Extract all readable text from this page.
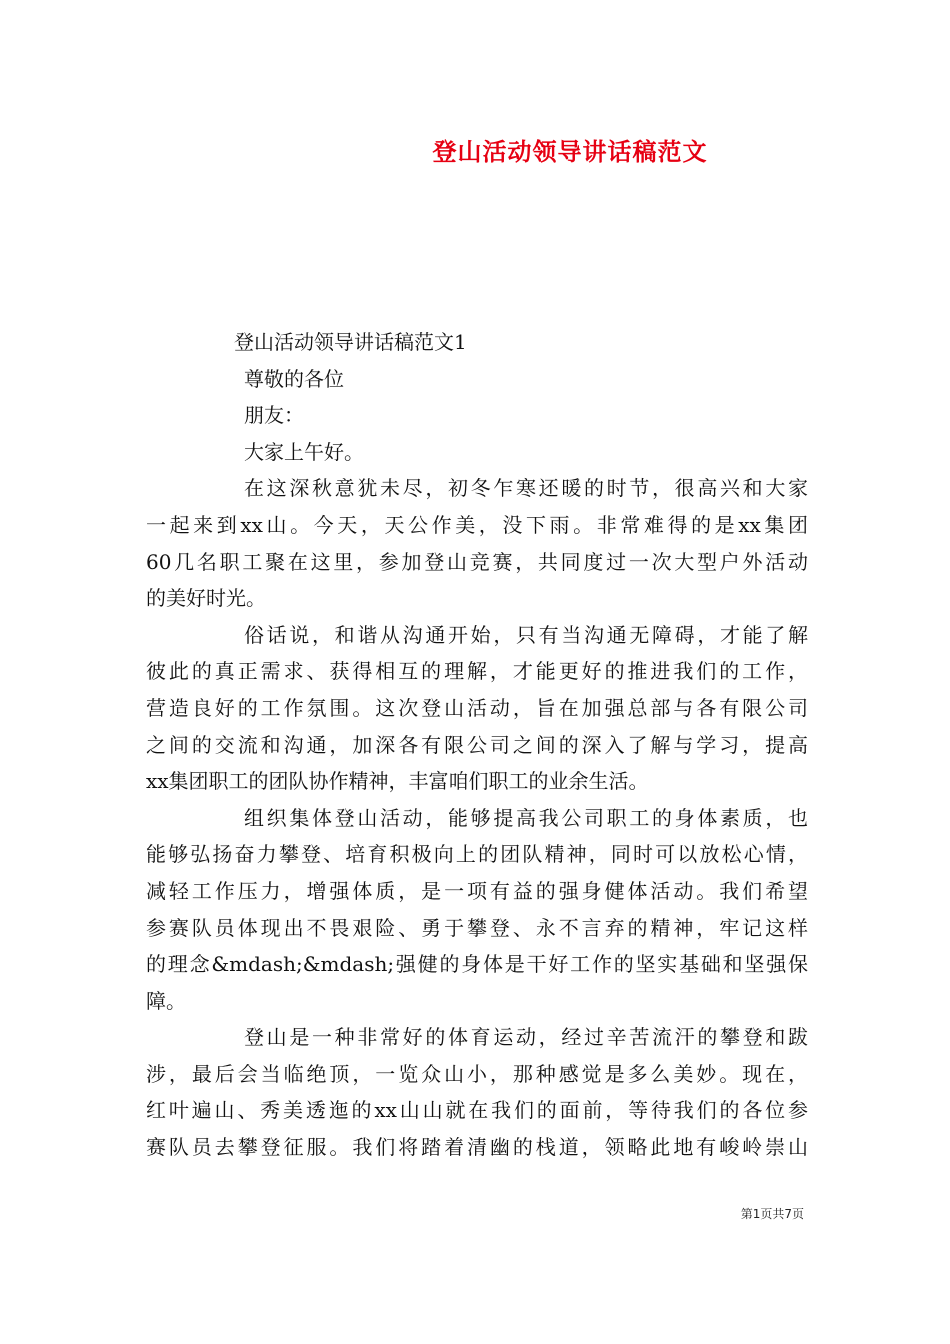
登山活动领导讲话稿范文
登山活动领导讲话稿范文1
尊敬的各位
朋友：
大家上午好。
在这深秋意犹未尽，初冬乍寒还暖的时节，很高兴和大家
一起来到xx山。今天，天公作美，没下雨。非常难得的是xx集团
60几名职工聚在这里，参加登山竞赛，共同度过一次大型户外活动
的美好时光。
俗话说，和谐从沟通开始，只有当沟通无障碍，才能了解
彼此的真正需求、获得相互的理解，才能更好的推进我们的工作，
营造良好的工作氛围。这次登山活动，旨在加强总部与各有限公司
之间的交流和沟通，加深各有限公司之间的深入了解与学习，提高
xx集团职工的团队协作精神，丰富咱们职工的业余生活。
组织集体登山活动，能够提高我公司职工的身体素质，也
能够弘扬奋力攀登、培育积极向上的团队精神，同时可以放松心情，
减轻工作压力，增强体质，是一项有益的强身健体活动。我们希望
参赛队员体现出不畏艰险、勇于攀登、永不言弃的精神，牢记这样
的理念&mdash;&mdash;强健的身体是干好工作的坚实基础和坚强保
障。
登山是一种非常好的体育运动，经过辛苦流汗的攀登和跋
涉，最后会当临绝顶，一览众山小，那种感觉是多么美妙。现在，
红叶遍山、秀美透迤的xx山山就在我们的面前，等待我们的各位参
赛队员去攀登征服。我们将踏着清幽的栈道，领略此地有峻岭崇山
第1页共7页
